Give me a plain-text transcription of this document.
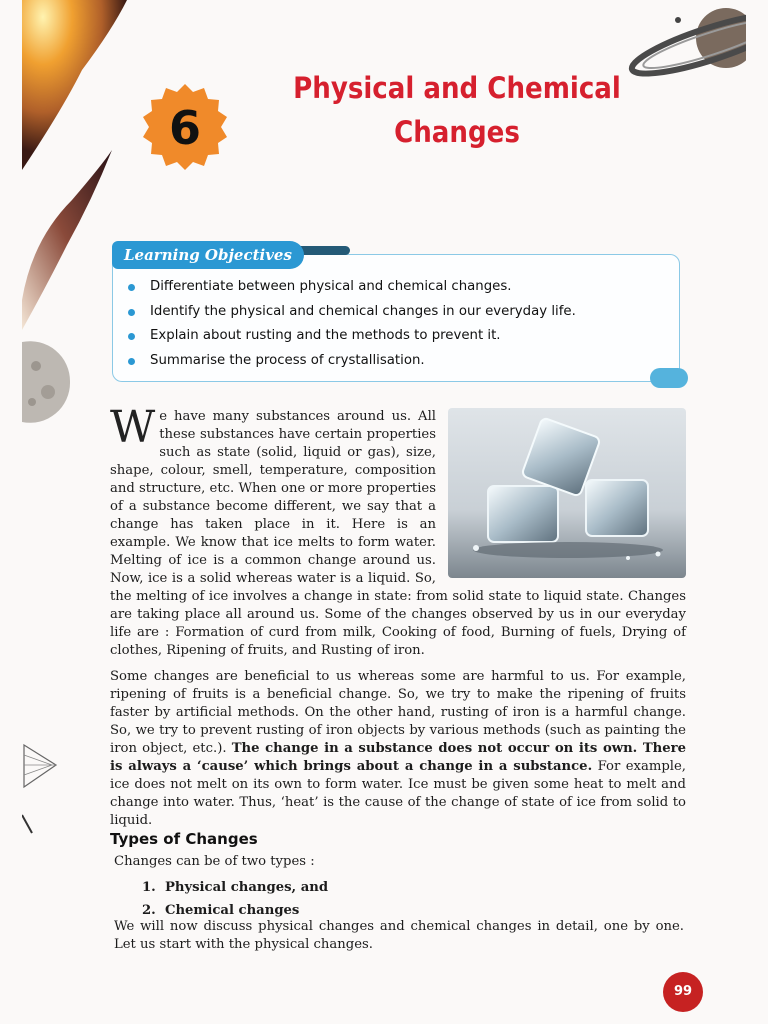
6
Physical and Chemical
Changes
Learning Objectives
Differentiate between physical and chemical changes.
Identify the physical and chemical changes in our everyday life.
Explain about rusting and the methods to prevent it.
Summarise the process of crystallisation.
We have many substances around us. All these substances have certain properties such as state (solid, liquid or gas), size, shape, colour, smell, temperature, composition and structure, etc. When one or more properties of a substance become different, we say that a change has taken place in it. Here is an example. We know that ice melts to form water. Melting of ice is a common change around us. Now, ice is a solid whereas water is a liquid. So, the melting of ice involves a change in state: from solid state to liquid state. Changes are taking place all around us. Some of the changes observed by us in our everyday life are : Formation of curd from milk, Cooking of food, Burning of fuels, Drying of clothes, Ripening of fruits, and Rusting of iron.
Some changes are beneficial to us whereas some are harmful to us. For example, ripening of fruits is a beneficial change. So, we try to make the ripening of fruits faster by artificial methods. On the other hand, rusting of iron is a harmful change. So, we try to prevent rusting of iron objects by various methods (such as painting the iron object, etc.). The change in a substance does not occur on its own. There is always a ‘cause’ which brings about a change in a substance. For example, ice does not melt on its own to form water. Ice must be given some heat to melt and change into water. Thus, ‘heat’ is the cause of the change of state of ice from solid to liquid.
Types of Changes
Changes can be of two types :
1.  Physical changes, and
2.  Chemical changes
We will now discuss physical changes and chemical changes in detail, one by one. Let us start with the physical changes.
99
